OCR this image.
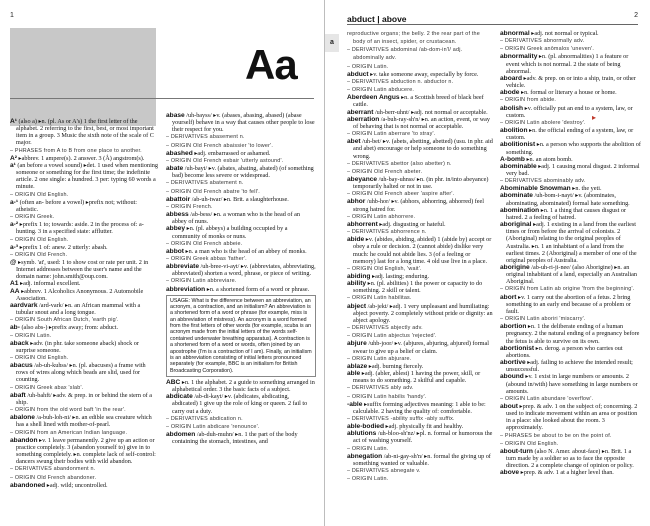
1
Aa

A¹ (also a) ▸n. (pl. As or A's) 1 the first letter of the alphabet. 2 referring to the first, best, or most important item in a group. 3 Music the sixth note of the scale of C major.

– PHRASES from A to B from one place to another.

A² ▸abbrev. 1 ampere(s). 2 answer. 3 (Å) angstrom(s).

a¹ (an before a vowel sound) ▸det. 1 used when mentioning someone or something for the first time; the indefinite article. 2 one single: a hundred. 3 per: typing 60 words a minute.

– ORIGIN Old English.

a-¹ (often an- before a vowel) ▸prefix not; without: atheistic.

– ORIGIN Greek.

a-² ▸prefix 1 to; towards: aside. 2 in the process of: a-hunting. 3 in a specified state: afflutter.

– ORIGIN Old English.

a-³ ▸prefix 1 of: anew. 2 utterly: abash.

– ORIGIN Old French.

@ ▸symb. 'at', used: 1 to show cost or rate per unit. 2 in Internet addresses between the user's name and the domain name: john.smith@oup.com.

A1 ▸adj. informal excellent.

AA ▸abbrev. 1 Alcoholics Anonymous. 2 Automobile Association.

aardvark /ard-vark/ ▸n. an African mammal with a tubular snout and a long tongue.

– ORIGIN South African Dutch, 'earth pig'.

ab- (also abs-) ▸prefix away; from: abduct.

– ORIGIN Latin.

aback ▸adv. (in phr. take someone aback) shock or surprise someone.

– ORIGIN Old English.

abacus /ab-uh-kuhss/ ▸n. (pl. abacuses) a frame with rows of wires along which beads are slid, used for counting.

– ORIGIN Greek abax 'slab'.

abaft /uh-bahft/ ▸adv. & prep. in or behind the stern of a ship.

– ORIGIN from the old word baft 'in the rear'.

abalone /a-buh-loh-ni/ ▸n. an edible sea creature which has a shell lined with mother-of-pearl.

– ORIGIN from an American Indian language.

abandon ▸v. 1 leave permanently. 2 give up an action or practice completely. 3 (abandon yourself to) give in to something completely. ▸n. complete lack of self-control: dancers swung their bodies with wild abandon.

– DERIVATIVES abandonment n.

– ORIGIN Old French abandoner.

abandoned ▸adj. wild; uncontrolled.

abase /uh-bayss/ ▸v. (abases, abasing, abased) (abase yourself) behave in a way that causes other people to lose their respect for you.

– DERIVATIVES abasement n.

– ORIGIN Old French abaissier 'to lower'.

abashed ▸adj. embarrassed or ashamed.

– ORIGIN Old French esbair 'utterly astound'.

abate /uh-bayt/ ▸v. (abates, abating, abated) (of something bad) become less severe or widespread.

– DERIVATIVES abatement n.

– ORIGIN Old French abatre 'to fell'.

abattoir /ab-uh-twar/ ▸n. Brit. a slaughterhouse.

– ORIGIN French.

abbess /ab-bess/ ▸n. a woman who is the head of an abbey of nuns.

abbey ▸n. (pl. abbeys) a building occupied by a community of monks or nuns.

– ORIGIN Old French abbeie.

abbot ▸n. a man who is the head of an abbey of monks.

– ORIGIN Greek abbas 'father'.

abbreviate /uh-bree-vi-ayt/ ▸v. (abbreviates, abbreviating, abbreviated) shorten a word, phrase, or piece of writing.

– ORIGIN Latin abbreviare.

abbreviation ▸n. a shortened form of a word or phrase.

USAGE: What is the difference between an abbreviation, an acronym, a contraction, and an initialism? An abbreviation is a shortened form of a word or phrase (for example, miss is an abbreviation of mistress). An acronym is a word formed from the first letters of other words (for example, scuba is an acronym made from the initial letters of the words self-contained underwater breathing apparatus). A contraction is a shortened form of a word or words, often joined by an apostrophe (I'm is a contraction of I am). Finally, an initialism is an abbreviation consisting of initial letters pronounced separately (for example, BBC is an initialism for British Broadcasting Corporation).

ABC ▸n. 1 the alphabet. 2 a guide to something arranged in alphabetical order. 3 the basic facts of a subject.

abdicate /ab-di-kayt/ ▸v. (abdicates, abdicating, abdicated) 1 give up the role of king or queen. 2 fail to carry out a duty.

– DERIVATIVES abdication n.

– ORIGIN Latin abdicare 'renounce'.

abdomen /ab-duh-muhn/ ▸n. 1 the part of the body containing the stomach, intestines, and

abduct | above	2
a

reproductive organs; the belly. 2 the rear part of the body of an insect, spider, or crustacean.

– DERIVATIVES abdominal /ab-dom-in'l/ adj. abdominally adv.

– ORIGIN Latin.

abduct ▸v. take someone away, especially by force.

– DERIVATIVES abduction n. abductor n.

– ORIGIN Latin abducere.

Aberdeen Angus ▸n. a Scottish breed of black beef cattle.

aberrant /uh-berr-uhnt/ ▸adj. not normal or acceptable.

aberration /a-buh-ray-sh'n/ ▸n. an action, event, or way of behaving that is not normal or acceptable.

– ORIGIN Latin aberrare 'to stray'.

abet /uh-bet/ ▸v. (abets, abetting, abetted) (usu. in phr. aid and abet) encourage or help someone to do something wrong.

– DERIVATIVES abettor (also abetter) n.

– ORIGIN Old French abeter.

abeyance /uh-bay-uhnss/ ▸n. (in phr. in/into abeyance) temporarily halted or not in use.

– ORIGIN Old French abeer 'aspire after'.

abhor /uhb-hor/ ▸v. (abhors, abhorring, abhorred) feel strong hatred for.

– ORIGIN Latin abhorrere.

abhorrent ▸adj. disgusting or hateful.

– DERIVATIVES abhorrence n.

abide ▸v. (abides, abiding, abided) 1 (abide by) accept or obey a rule or decision. 2 (cannot abide) dislike very much: he could not abide lies. 3 (of a feeling or memory) last for a long time. 4 old use live in a place.

– ORIGIN Old English, 'wait'.

abiding ▸adj. lasting; enduring.

ability ▸n. (pl. abilities) 1 the power or capacity to do something. 2 skill or talent.

– ORIGIN Latin habilitas.

abject /ab-jekt/ ▸adj. 1 very unpleasant and humiliating: abject poverty. 2 completely without pride or dignity: an abject apology.

– DERIVATIVES abjectly adv.

– ORIGIN Latin abjectus 'rejected'.

abjure /uhb-joor/ ▸v. (abjures, abjuring, abjured) formal swear to give up a belief or claim.

– ORIGIN Latin abjurare.

ablaze ▸adj. burning fiercely.

able ▸adj. (abler, ablest) 1 having the power, skill, or means to do something. 2 skilful and capable.

– DERIVATIVES ably adv.

– ORIGIN Latin habilis 'handy'.

-able ▸suffix forming adjectives meaning: 1 able to be: calculable. 2 having the quality of: comfortable.

– DERIVATIVES -ability suffix -ably suffix.

able-bodied ▸adj. physically fit and healthy.

ablutions /uh-bloo-sh'nz/ ▸pl. n. formal or humorous the act of washing yourself.

– ORIGIN Latin.

abnegation /ab-ni-gay-sh'n/ ▸n. formal the giving up of something wanted or valuable.

– DERIVATIVES abnegate v.

– ORIGIN Latin.

abnormal ▸adj. not normal or typical.

– DERIVATIVES abnormally adv.

– ORIGIN Greek anōmalos 'uneven'.

abnormality ▸n. (pl. abnormalities) 1 a feature or event which is not normal. 2 the state of being abnormal.

aboard ▸adv. & prep. on or into a ship, train, or other vehicle.

abode ▸n. formal or literary a house or home.

– ORIGIN from abide.

abolish ▸v. officially put an end to a system, law, or custom.

– ORIGIN Latin abolere 'destroy'.

abolition ▸n. the official ending of a system, law, or custom.

abolitionist ▸n. a person who supports the abolition of something.

A-bomb ▸n. an atom bomb.

abominable ▸adj. 1 causing moral disgust. 2 informal very bad.

– DERIVATIVES abominably adv.

Abominable Snowman ▸n. the yeti.

abominate /uh-bom-i-nayt/ ▸v. (abominates, abominating, abominated) formal hate something.

abomination ▸n. 1 a thing that causes disgust or hatred. 2 a feeling of hatred.

aboriginal ▸adj. 1 existing in a land from the earliest times or from before the arrival of colonists. 2 (Aboriginal) relating to the original peoples of Australia. ▸n. 1 an inhabitant of a land from the earliest times. 2 (Aboriginal) a member of one of the original peoples of Australia.

aborigine /ab-uh-ri-ji-nee/ (also Aborigine) ▸n. an original inhabitant of a land, especially an Australian Aboriginal.

– ORIGIN from Latin ab origine 'from the beginning'.

abort ▸v. 1 carry out the abortion of a fetus. 2 bring something to an early end because of a problem or fault.

– ORIGIN Latin aboriri 'miscarry'.

abortion ▸n. 1 the deliberate ending of a human pregnancy. 2 the natural ending of a pregnancy before the fetus is able to survive on its own.

abortionist ▸n. derog. a person who carries out abortions.

abortive ▸adj. failing to achieve the intended result; unsuccessful.

abound ▸v. 1 exist in large numbers or amounts. 2 (abound in/with) have something in large numbers or amounts.

– ORIGIN Latin abundare 'overflow'.

about ▸prep. & adv. 1 on the subject of; concerning. 2 used to indicate movement within an area or position in a place: she looked about the room. 3 approximately.

– PHRASES be about to be on the point of.

– ORIGIN Old English.

about-turn (also N. Amer. about-face) ▸n. Brit. 1 a turn made by a soldier so as to face the opposite direction. 2 a complete change of opinion or policy.

above ▸prep. & adv. 1 at a higher level than.

▸
